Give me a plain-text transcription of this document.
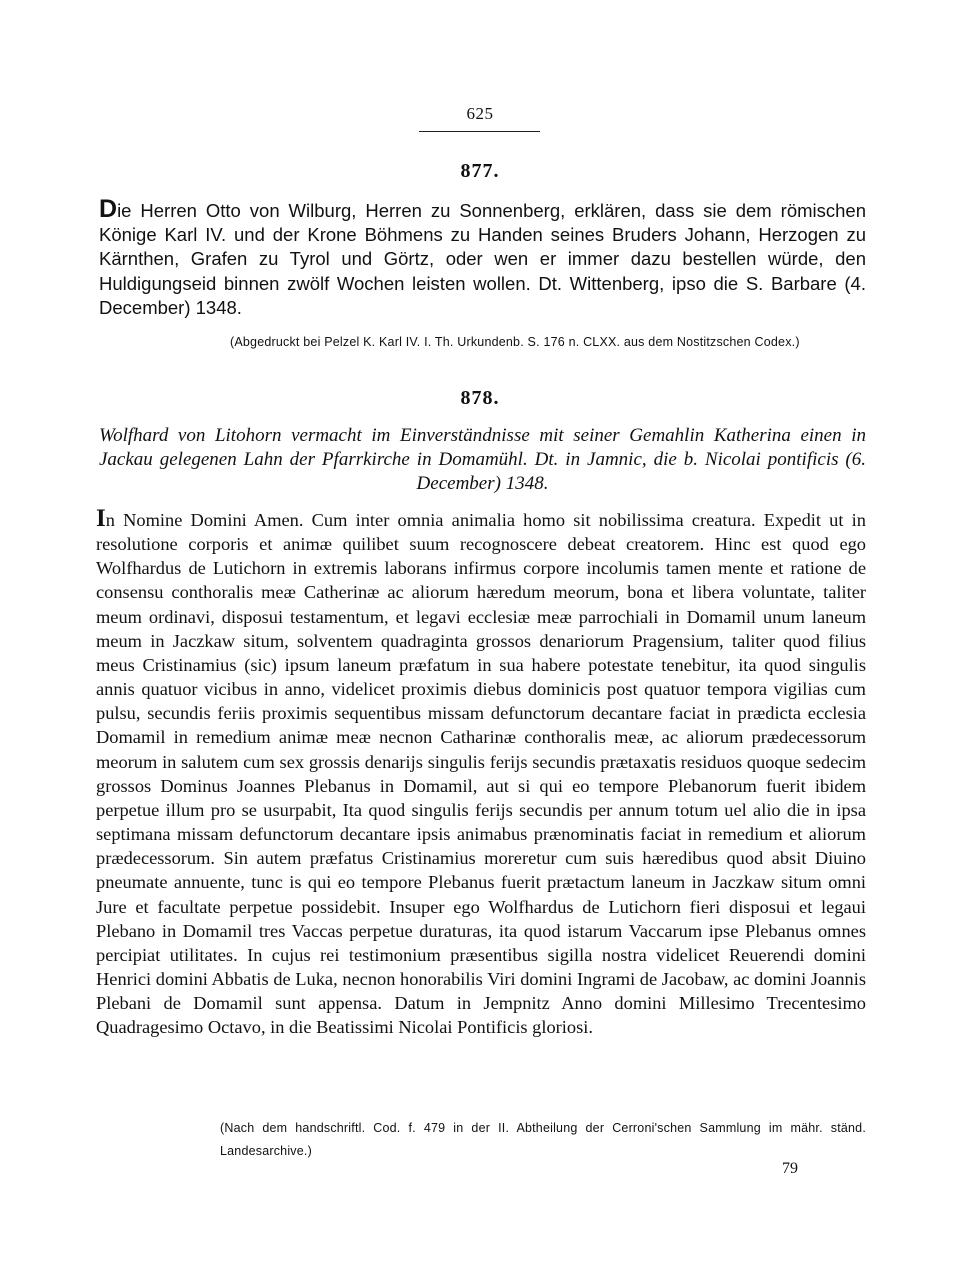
625
877.
Die Herren Otto von Wilburg, Herren zu Sonnenberg, erklären, dass sie dem römischen Könige Karl IV. und der Krone Böhmens zu Handen seines Bruders Johann, Herzogen zu Kärnthen, Grafen zu Tyrol und Görtz, oder wen er immer dazu bestellen würde, den Huldigungseid binnen zwölf Wochen leisten wollen. Dt. Wittenberg, ipso die S. Barbare (4. December) 1348.
(Abgedruckt bei Pelzel K. Karl IV. I. Th. Urkundenb. S. 176 n. CLXX. aus dem Nostitzschen Codex.)
878.
Wolfhard von Litohorn vermacht im Einverständnisse mit seiner Gemahlin Katherina einen in Jackau gelegenen Lahn der Pfarrkirche in Domamühl. Dt. in Jamnic, die b. Nicolai pontificis (6. December) 1348.
In Nomine Domini Amen. Cum inter omnia animalia homo sit nobilissima creatura. Expedit ut in resolutione corporis et animæ quilibet suum recognoscere debeat creatorem. Hinc est quod ego Wolfhardus de Lutichorn in extremis laborans infirmus corpore incolumis tamen mente et ratione de consensu conthoralis meæ Catherinæ ac aliorum hæredum meorum, bona et libera voluntate, taliter meum ordinavi, disposui testamentum, et legavi ecclesiæ meæ parrochiali in Domamil unum laneum meum in Jaczkaw situm, solventem quadraginta grossos denariorum Pragensium, taliter quod filius meus Cristinamius (sic) ipsum laneum præfatum in sua habere potestate tenebitur, ita quod singulis annis quatuor vicibus in anno, videlicet proximis diebus dominicis post quatuor tempora vigilias cum pulsu, secundis feriis proximis sequentibus missam defunctorum decantare faciat in prædicta ecclesia Domamil in remedium animæ meæ necnon Catharinæ conthoralis meæ, ac aliorum prædecessorum meorum in salutem cum sex grossis denarijs singulis ferijs secundis prætaxatis residuos quoque sedecim grossos Dominus Joannes Plebanus in Domamil, aut si qui eo tempore Plebanorum fuerit ibidem perpetue illum pro se usurpabit, Ita quod singulis ferijs secundis per annum totum uel alio die in ipsa septimana missam defunctorum decantare ipsis animabus prænominatis faciat in remedium et aliorum prædecessorum. Sin autem præfatus Cristinamius moreretur cum suis hæredibus quod absit Diuino pneumate annuente, tunc is qui eo tempore Plebanus fuerit prætactum laneum in Jaczkaw situm omni Jure et facultate perpetue possidebit. Insuper ego Wolfhardus de Lutichorn fieri disposui et legaui Plebano in Domamil tres Vaccas perpetue duraturas, ita quod istarum Vaccarum ipse Plebanus omnes percipiat utilitates. In cujus rei testimonium præsentibus sigilla nostra videlicet Reuerendi domini Henrici domini Abbatis de Luka, necnon honorabilis Viri domini Ingrami de Jacobaw, ac domini Joannis Plebani de Domamil sunt appensa. Datum in Jempnitz Anno domini Millesimo Trecentesimo Quadragesimo Octavo, in die Beatissimi Nicolai Pontificis gloriosi.
(Nach dem handschriftl. Cod. f. 479 in der II. Abtheilung der Cerroni'schen Sammlung im mähr. ständ. Landesarchive.)
79
